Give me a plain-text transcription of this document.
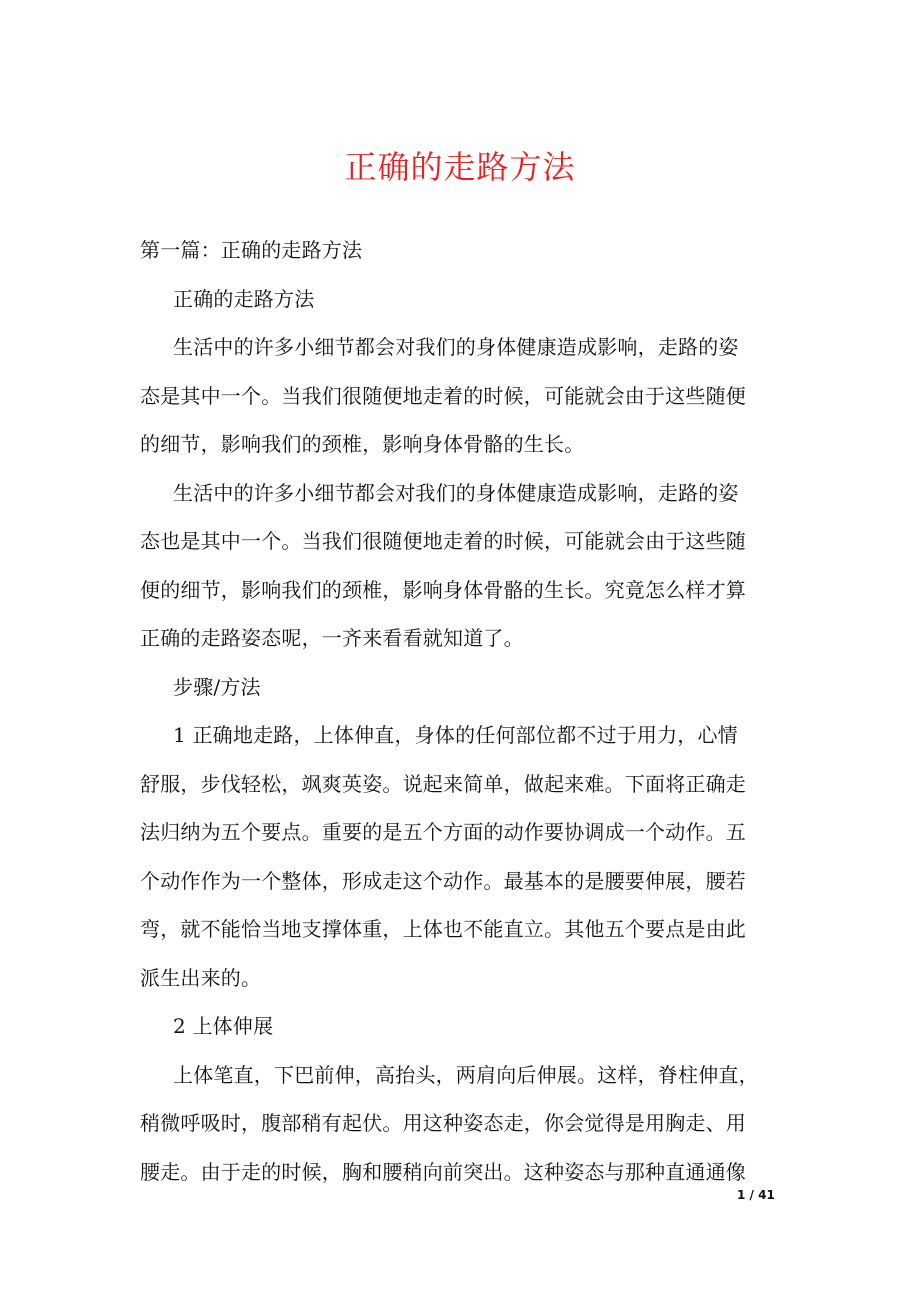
正确的走路方法
第一篇：正确的走路方法
正确的走路方法
生活中的许多小细节都会对我们的身体健康造成影响，走路的姿
态是其中一个。当我们很随便地走着的时候，可能就会由于这些随便
的细节，影响我们的颈椎，影响身体骨骼的生长。
生活中的许多小细节都会对我们的身体健康造成影响，走路的姿
态也是其中一个。当我们很随便地走着的时候，可能就会由于这些随
便的细节，影响我们的颈椎，影响身体骨骼的生长。究竟怎么样才算
正确的走路姿态呢，一齐来看看就知道了。
步骤/方法
1 正确地走路，上体伸直，身体的任何部位都不过于用力，心情
舒服，步伐轻松，飒爽英姿。说起来简单，做起来难。下面将正确走
法归纳为五个要点。重要的是五个方面的动作要协调成一个动作。五
个动作作为一个整体，形成走这个动作。最基本的是腰要伸展，腰若
弯，就不能恰当地支撑体重，上体也不能直立。其他五个要点是由此
派生出来的。
2 上体伸展
上体笔直，下巴前伸，高抬头，两肩向后伸展。这样，脊柱伸直，
稍微呼吸时，腹部稍有起伏。用这种姿态走，你会觉得是用胸走、用
腰走。由于走的时候，胸和腰稍向前突出。这种姿态与那种直通通像
1 / 41
